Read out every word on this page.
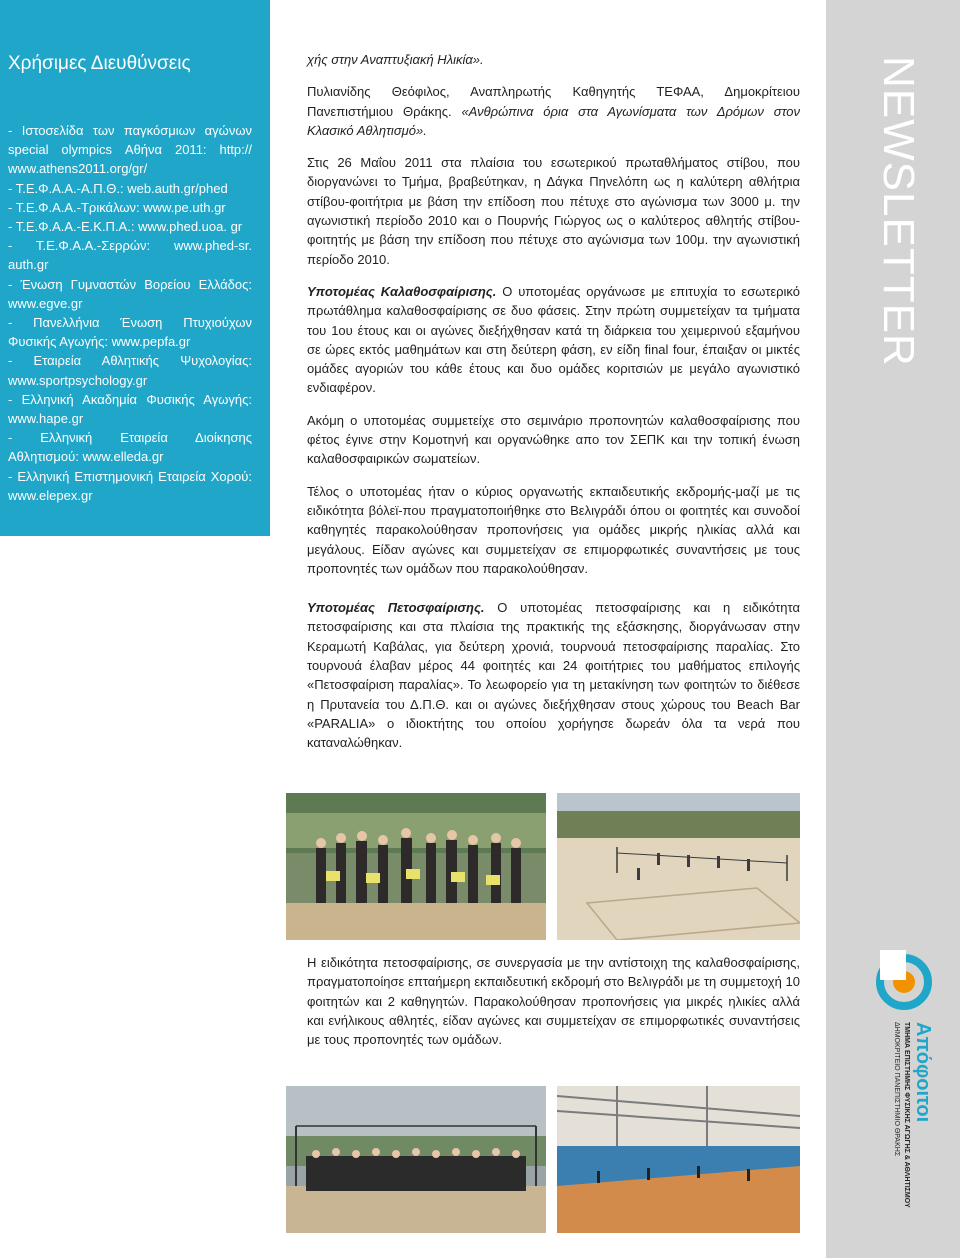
Χρήσιμες Διευθύνσεις
- Ιστοσελίδα των παγκόσμιων αγώνων special olympics Αθήνα 2011: http:// www.athens2011.org/gr/
- Τ.Ε.Φ.Α.Α.-Α.Π.Θ.: web.auth.gr/phed
- Τ.Ε.Φ.Α.Α.-Τρικάλων: www.pe.uth.gr
- Τ.Ε.Φ.Α.Α.-Ε.Κ.Π.Α.: www.phed.uoa. gr
- Τ.Ε.Φ.Α.Α.-Σερρών: www.phed-sr. auth.gr
- Ένωση Γυμναστών Βορείου Ελλάδος: www.egve.gr
- Πανελλήνια Ένωση Πτυχιούχων Φυσικής Αγωγής: www.pepfa.gr
- Εταιρεία Αθλητικής Ψυχολογίας: www.sportpsychology.gr
- Ελληνική Ακαδημία Φυσικής Αγωγής: www.hape.gr
- Ελληνική Εταιρεία Διοίκησης Αθλητισμού: www.elleda.gr
- Ελληνική Επιστημονική Εταιρεία Χορού: www.elepex.gr

χής στην Αναπτυξιακή Ηλικία».

Πυλιανίδης Θεόφιλος, Αναπληρωτής Καθηγητής ΤΕΦΑΑ, Δημοκρίτειου Πανεπιστήμιου Θράκης. «Ανθρώπινα όρια στα Αγωνίσματα των Δρόμων στον Κλασικό Αθλητισμό».

Στις 26 Μαΐου 2011 στα πλαίσια του εσωτερικού πρωταθλήματος στίβου, που διοργανώνει το Τμήμα, βραβεύτηκαν, η Δάγκα Πηνελόπη ως η καλύτερη αθλήτρια στίβου-φοιτήτρια με βάση την επίδοση που πέτυχε στο αγώνισμα των 3000 μ. την αγωνιστική περίοδο 2010 και ο Πουρνής Γιώργος ως ο καλύτερος αθλητής στίβου-φοιτητής με βάση την επίδοση που πέτυχε στο αγώνισμα των 100μ. την αγωνιστική περίοδο 2010.

Υποτομέας Καλαθοσφαίρισης. Ο υποτομέας οργάνωσε με επιτυχία το εσωτερικό πρωτάθλημα καλαθοσφαίρισης σε δυο φάσεις. Στην πρώτη συμμετείχαν τα τμήματα του 1ου έτους και οι αγώνες διεξήχθησαν κατά τη διάρκεια του χειμερινού εξαμήνου σε ώρες εκτός μαθημάτων και στη δεύτερη φάση, εν είδη final four, έπαιξαν οι μικτές ομάδες αγοριών του κάθε έτους και δυο ομάδες κοριτσιών με μεγάλο αγωνιστικό ενδιαφέρον.

Ακόμη ο υποτομέας συμμετείχε στο σεμινάριο προπονητών καλαθοσφαίρισης που φέτος έγινε στην Κομοτηνή και οργανώθηκε απο τον ΣΕΠΚ και την τοπική ένωση καλαθοσφαιρικών σωματείων.

Τέλος ο υποτομέας ήταν ο κύριος οργανωτής εκπαιδευτικής εκδρομής-μαζί με τις ειδικότητα βόλεϊ-που πραγματοποιήθηκε στο Βελιγράδι όπου οι φοιτητές και συνοδοί καθηγητές παρακολούθησαν προπονήσεις για ομάδες μικρής ηλικίας αλλά και μεγάλους. Είδαν αγώνες και συμμετείχαν σε επιμορφωτικές συναντήσεις με τους προπονητές των ομάδων που παρακολούθησαν.

Υποτομέας Πετοσφαίρισης. Ο υποτομέας πετοσφαίρισης και η ειδικότητα πετοσφαίρισης και στα πλαίσια της πρακτικής της εξάσκησης, διοργάνωσαν στην Κεραμωτή Καβάλας, για δεύτερη χρονιά, τουρνουά πετοσφαίρισης παραλίας. Στο τουρνουά έλαβαν μέρος 44 φοιτητές και 24 φοιτήτριες του μαθήματος επιλογής «Πετοσφαίριση παραλίας». Το λεωφορείο για τη μετακίνηση των φοιτητών το διέθεσε η Πρυτανεία του Δ.Π.Θ. και οι αγώνες διεξήχθησαν στους χώρους του Beach Bar «PARALIA» ο ιδιοκτήτης του οποίου χορήγησε δωρεάν όλα τα νερά που καταναλώθηκαν.

Η ειδικότητα πετοσφαίρισης, σε συνεργασία με την αντίστοιχη της καλαθοσφαίρισης, πραγματοποίησε επταήμερη εκπαιδευτική εκδρομή στο Βελιγράδι με τη συμμετοχή 10 φοιτητών και 2 καθηγητών. Παρακολούθησαν προπονήσεις για μικρές ηλικίες αλλά και ενήλικους αθλητές, είδαν αγώνες και συμμετείχαν σε επιμορφωτικές συναντήσεις με τους προπονητές των ομάδων.

NEWSLETTER
Απόφοιτοι
ΤΜΗΜΑ ΕΠΙΣΤΗΜΗΣ ΦΥΣΙΚΗΣ ΑΓΩΓΗΣ & ΑΘΛΗΤΙΣΜΟΥ
ΔΗΜΟΚΡΙΤΕΙΟ ΠΑΝΕΠΙΣΤΗΜΙΟ ΘΡΑΚΗΣ
